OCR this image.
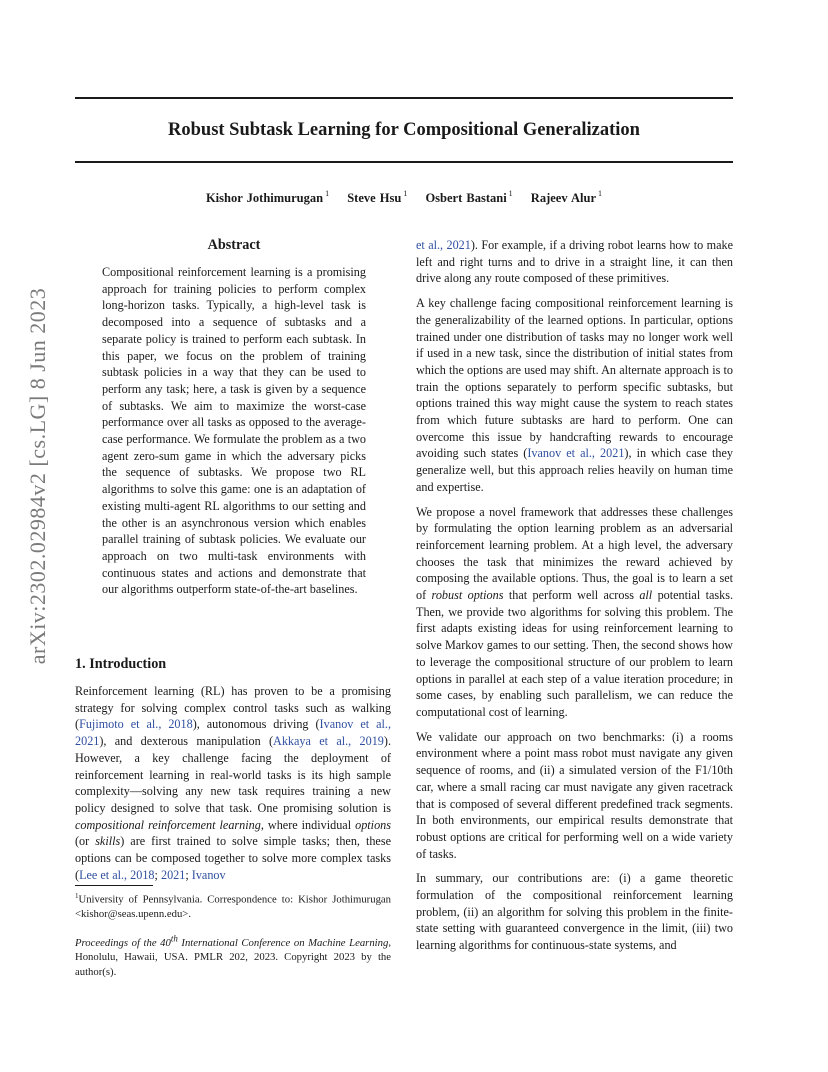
Robust Subtask Learning for Compositional Generalization
Kishor Jothimurugan $^1$ Steve Hsu $^1$ Osbert Bastani $^1$ Rajeev Alur $^1$
arXiv:2302.02984v2 [cs.LG] 8 Jun 2023
Abstract
Compositional reinforcement learning is a promising approach for training policies to perform complex long-horizon tasks. Typically, a high-level task is decomposed into a sequence of subtasks and a separate policy is trained to perform each subtask. In this paper, we focus on the problem of training subtask policies in a way that they can be used to perform any task; here, a task is given by a sequence of subtasks. We aim to maximize the worst-case performance over all tasks as opposed to the average-case performance. We formulate the problem as a two agent zero-sum game in which the adversary picks the sequence of subtasks. We propose two RL algorithms to solve this game: one is an adaptation of existing multi-agent RL algorithms to our setting and the other is an asynchronous version which enables parallel training of subtask policies. We evaluate our approach on two multi-task environments with continuous states and actions and demonstrate that our algorithms outperform state-of-the-art baselines.
1. Introduction
Reinforcement learning (RL) has proven to be a promising strategy for solving complex control tasks such as walking (Fujimoto et al., 2018), autonomous driving (Ivanov et al., 2021), and dexterous manipulation (Akkaya et al., 2019). However, a key challenge facing the deployment of reinforcement learning in real-world tasks is its high sample complexity—solving any new task requires training a new policy designed to solve that task. One promising solution is compositional reinforcement learning, where individual options (or skills) are first trained to solve simple tasks; then, these options can be composed together to solve more complex tasks (Lee et al., 2018; 2021; Ivanov
$^1$University of Pennsylvania. Correspondence to: Kishor Jothimurugan <kishor@seas.upenn.edu>.
Proceedings of the 40th International Conference on Machine Learning, Honolulu, Hawaii, USA. PMLR 202, 2023. Copyright 2023 by the author(s).

et al., 2021). For example, if a driving robot learns how to make left and right turns and to drive in a straight line, it can then drive along any route composed of these primitives.

A key challenge facing compositional reinforcement learning is the generalizability of the learned options. In particular, options trained under one distribution of tasks may no longer work well if used in a new task, since the distribution of initial states from which the options are used may shift. An alternate approach is to train the options separately to perform specific subtasks, but options trained this way might cause the system to reach states from which future subtasks are hard to perform. One can overcome this issue by handcrafting rewards to encourage avoiding such states (Ivanov et al., 2021), in which case they generalize well, but this approach relies heavily on human time and expertise.

We propose a novel framework that addresses these challenges by formulating the option learning problem as an adversarial reinforcement learning problem. At a high level, the adversary chooses the task that minimizes the reward achieved by composing the available options. Thus, the goal is to learn a set of robust options that perform well across all potential tasks. Then, we provide two algorithms for solving this problem. The first adapts existing ideas for using reinforcement learning to solve Markov games to our setting. Then, the second shows how to leverage the compositional structure of our problem to learn options in parallel at each step of a value iteration procedure; in some cases, by enabling such parallelism, we can reduce the computational cost of learning.

We validate our approach on two benchmarks: (i) a rooms environment where a point mass robot must navigate any given sequence of rooms, and (ii) a simulated version of the F1/10th car, where a small racing car must navigate any given racetrack that is composed of several different predefined track segments. In both environments, our empirical results demonstrate that robust options are critical for performing well on a wide variety of tasks.

In summary, our contributions are: (i) a game theoretic formulation of the compositional reinforcement learning problem, (ii) an algorithm for solving this problem in the finite-state setting with guaranteed convergence in the limit, (iii) two learning algorithms for continuous-state systems, and
